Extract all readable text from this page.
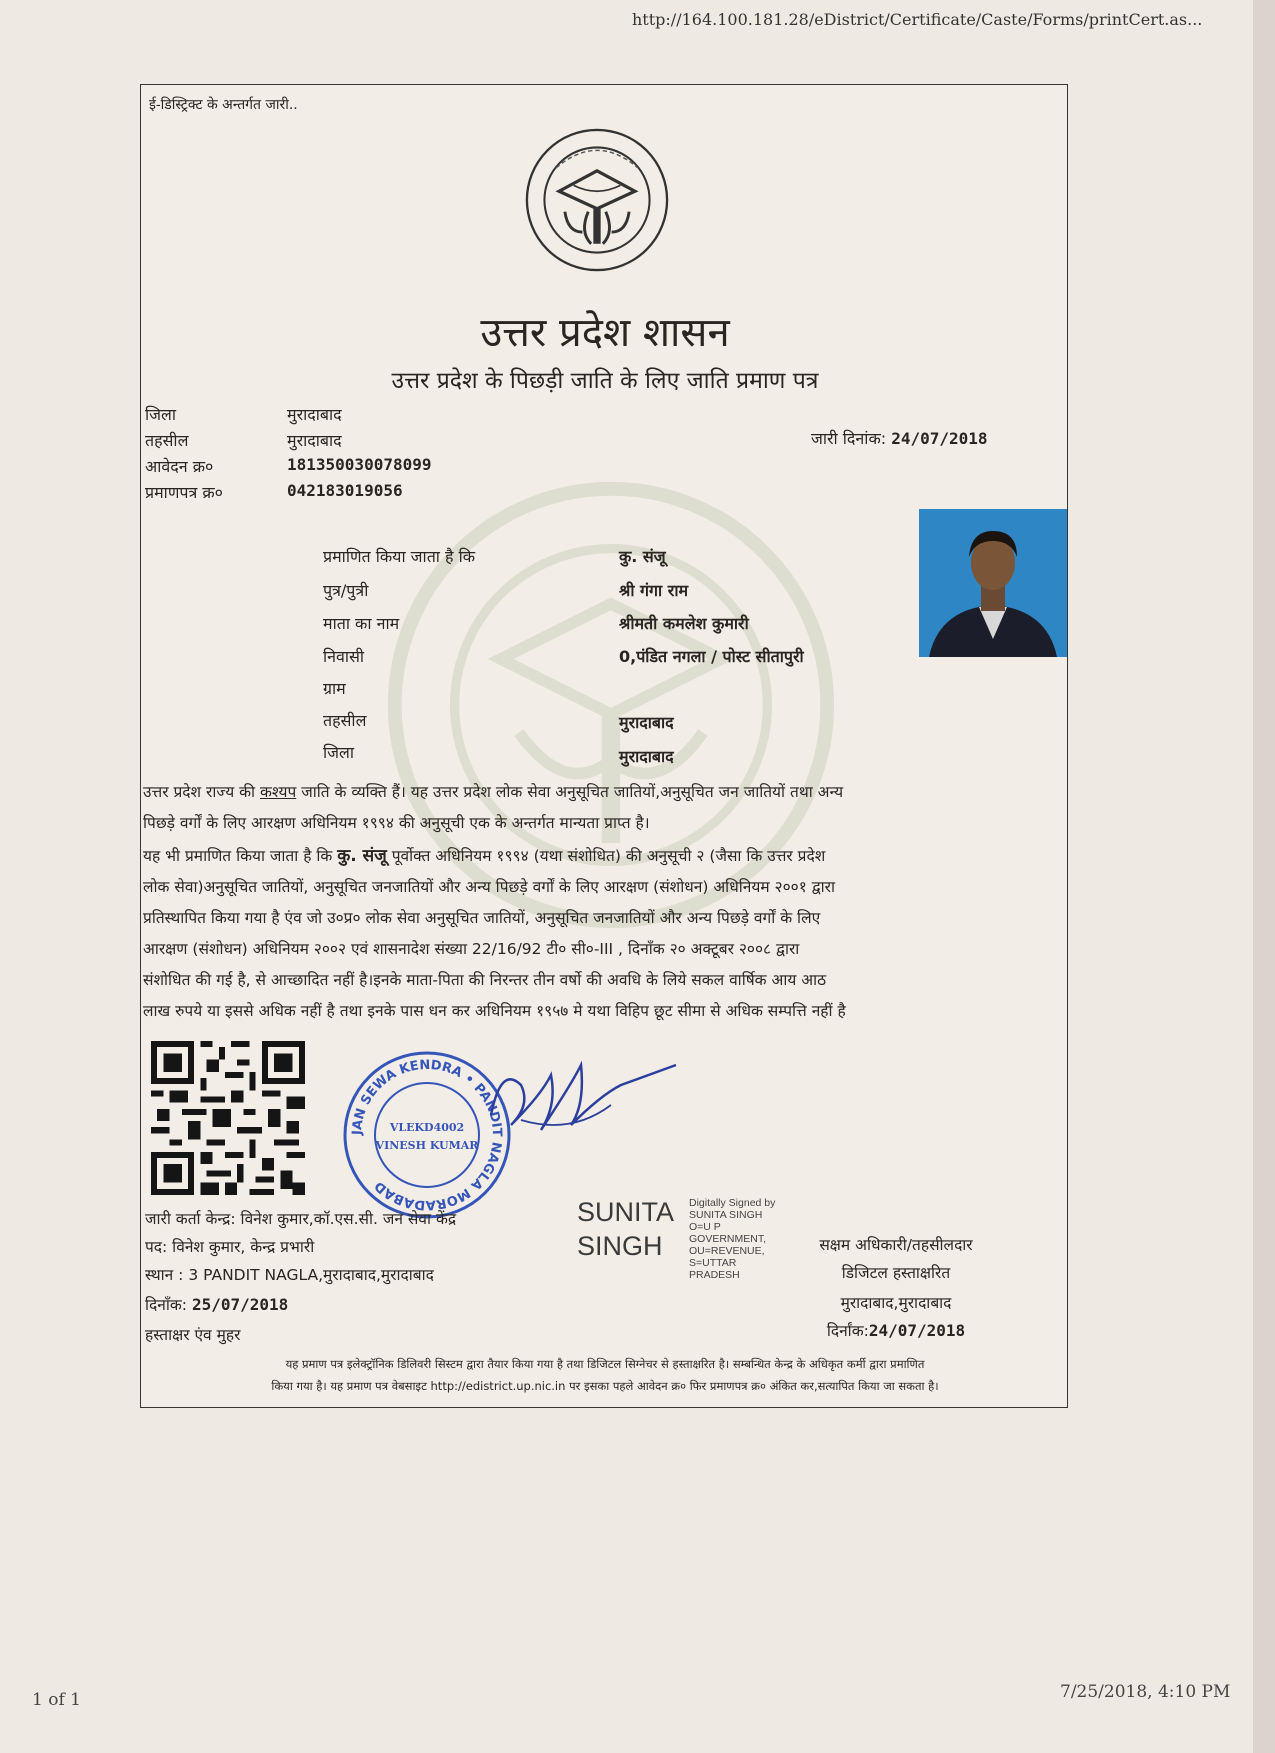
http://164.100.181.28/eDistrict/Certificate/Caste/Forms/printCert.as...
ई-डिस्ट्रिक्ट के अन्तर्गत जारी..
उत्तर प्रदेश शासन
उत्तर प्रदेश के पिछड़ी जाति के लिए जाति प्रमाण पत्र
जिला	मुरादाबाद
तहसील	मुरादाबाद
आवेदन क्र०	181350030078099
प्रमाणपत्र क्र०	042183019056
जारी दिनांक: 24/07/2018
प्रमाणित किया जाता है कि	कु. संजू
पुत्र/पुत्री	श्री गंगा राम
माता का नाम	श्रीमती कमलेश कुमारी
निवासी	0,पंडित नगला / पोस्ट सीतापुरी
ग्राम
तहसील	मुरादाबाद
जिला	मुरादाबाद
उत्तर प्रदेश राज्य की कश्यप जाति के व्यक्ति हैं। यह उत्तर प्रदेश लोक सेवा अनुसूचित जातियों,अनुसूचित जन जातियों तथा अन्य
पिछड़े वर्गों के लिए आरक्षण अधिनियम १९९४ की अनुसूची एक के अन्तर्गत मान्यता प्राप्त है।
यह भी प्रमाणित किया जाता है कि कु. संजू पूर्वोक्त अधिनियम १९९४ (यथा संशोधित) की अनुसूची २ (जैसा कि उत्तर प्रदेश
लोक सेवा)अनुसूचित जातियों, अनुसूचित जनजातियों और अन्य पिछड़े वर्गों के लिए आरक्षण (संशोधन) अधिनियम २००१ द्वारा
प्रतिस्थापित किया गया है एंव जो उ०प्र० लोक सेवा अनुसूचित जातियों, अनुसूचित जनजातियों और अन्य पिछड़े वर्गों के लिए
आरक्षण (संशोधन) अधिनियम २००२ एवं शासनादेश संख्या 22/16/92 टी० सी०-III , दिनाँक २० अक्टूबर २००८ द्वारा
संशोधित की गई है, से आच्छादित नहीं है।इनके माता-पिता की निरन्तर तीन वर्षो की अवधि के लिये सकल वार्षिक आय आठ
लाख रुपये या इससे अधिक नहीं है तथा इनके पास धन कर अधिनियम १९५७ मे यथा विहिप छूट सीमा से अधिक सम्पत्ति नहीं है
JAN SEWA KENDRA • PANDIT NAGLA MORADABAD
VLEKD4002
VINESH KUMAR
जारी कर्ता केन्द्र: विनेश कुमार,कॉ.एस.सी. जन सेवा केंद्र
पद: विनेश कुमार, केन्द्र प्रभारी
स्थान : 3 PANDIT NAGLA,मुरादाबाद,मुरादाबाद
दिनाँक: 25/07/2018
हस्ताक्षर एंव मुहर
SUNITA
SINGH
Digitally Signed by
SUNITA SINGH
O=U P
GOVERNMENT,
OU=REVENUE,
S=UTTAR
PRADESH
सक्षम अधिकारी/तहसीलदार
डिजिटल हस्ताक्षरित
मुरादाबाद,मुरादाबाद
दिर्नांक:24/07/2018
यह प्रमाण पत्र इलेक्ट्रॉनिक डिलिवरी सिस्टम द्वारा तैयार किया गया है तथा डिजिटल सिग्नेचर से हस्ताक्षरित है। सम्बन्धित केन्द्र के अधिकृत कर्मी द्वारा प्रमाणित
किया गया है। यह प्रमाण पत्र वेबसाइट http://edistrict.up.nic.in पर इसका पहले आवेदन क्र० फिर प्रमाणपत्र क्र० अंकित कर,सत्यापित किया जा सकता है।
1 of 1	7/25/2018, 4:10 PM
